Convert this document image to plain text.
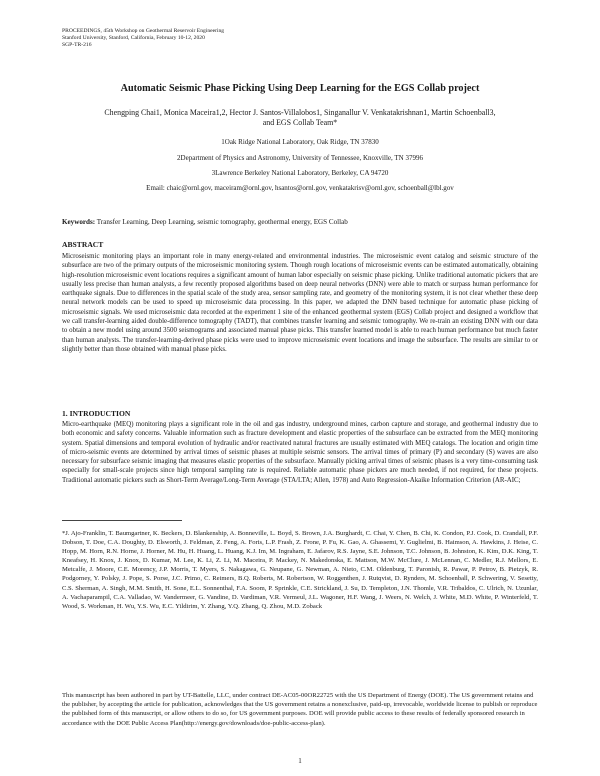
PROCEEDINGS, 45th Workshop on Geothermal Reservoir Engineering
Stanford University, Stanford, California, February 10-12, 2020
SGP-TR-216
Automatic Seismic Phase Picking Using Deep Learning for the EGS Collab project
Chengping Chai1, Monica Maceira1,2, Hector J. Santos-Villalobos1, Singanallur V. Venkatakrishnan1, Martin Schoenball3,
and EGS Collab Team*
1Oak Ridge National Laboratory, Oak Ridge, TN 37830
2Department of Physics and Astronomy, University of Tennessee, Knoxville, TN 37996
3Lawrence Berkeley National Laboratory, Berkeley, CA 94720
Email: chaic@ornl.gov, maceiram@ornl.gov, hsantos@ornl.gov, venkatakrisv@ornl.gov, schoenball@lbl.gov
Keywords: Transfer Learning, Deep Learning, seismic tomography, geothermal energy, EGS Collab
ABSTRACT
Microseismic monitoring plays an important role in many energy-related and environmental industries. The microseismic event catalog and seismic structure of the subsurface are two of the primary outputs of the microseismic monitoring system. Though rough locations of microseismic events can be estimated automatically, obtaining high-resolution microseismic event locations requires a significant amount of human labor especially on seismic phase picking. Unlike traditional automatic pickers that are usually less precise than human analysts, a few recently proposed algorithms based on deep neural networks (DNN) were able to match or surpass human performance for earthquake signals. Due to differences in the spatial scale of the study area, sensor sampling rate, and geometry of the monitoring system, it is not clear whether these deep neural network models can be used to speed up microseismic data processing. In this paper, we adapted the DNN based technique for automatic phase picking of microseismic signals. We used microseismic data recorded at the experiment 1 site of the enhanced geothermal system (EGS) Collab project and designed a workflow that we call transfer-learning aided double-difference tomography (TADT), that combines transfer learning and seismic tomography. We re-train an existing DNN with our data to obtain a new model using around 3500 seismograms and associated manual phase picks. This transfer learned model is able to reach human performance but much faster than human analysts. The transfer-learning-derived phase picks were used to improve microseismic event locations and image the subsurface. The results are similar to or slightly better than those obtained with manual phase picks.
1. INTRODUCTION
Micro-earthquake (MEQ) monitoring plays a significant role in the oil and gas industry, underground mines, carbon capture and storage, and geothermal industry due to both economic and safety concerns. Valuable information such as fracture development and elastic properties of the subsurface can be extracted from the MEQ monitoring system. Spatial dimensions and temporal evolution of hydraulic and/or reactivated natural fractures are usually estimated with MEQ catalogs. The location and origin time of micro-seismic events are determined by arrival times of seismic phases at multiple seismic sensors. The arrival times of primary (P) and secondary (S) waves are also necessary for subsurface seismic imaging that measures elastic properties of the subsurface. Manually picking arrival times of seismic phases is a very time-consuming task especially for small-scale projects since high temporal sampling rate is required. Reliable automatic phase pickers are much needed, if not required, for these projects. Traditional automatic pickers such as Short-Term Average/Long-Term Average (STA/LTA; Allen, 1978) and Auto Regression-Akaike Information Criterion (AR-AIC;
*J. Ajo-Franklin, T. Baumgartner, K. Beckers, D. Blankenship, A. Bonneville, L. Boyd, S. Brown, J.A. Burghardt, C. Chai, Y. Chen, B. Chi, K. Condon, P.J. Cook, D. Crandall, P.F. Dobson, T. Doe, C.A. Doughty, D. Elsworth, J. Feldman, Z. Feng, A. Foris, L.P. Frash, Z. Frone, P. Fu, K. Gao, A. Ghassemi, Y. Guglielmi, B. Haimson, A. Hawkins, J. Heise, C. Hopp, M. Horn, R.N. Horne, J. Horner, M. Hu, H. Huang, L. Huang, K.J. Im, M. Ingraham, E. Jafarov, R.S. Jayne, S.E. Johnson, T.C. Johnson, B. Johnston, K. Kim, D.K. King, T. Kneafsey, H. Knox, J. Knox, D. Kumar, M. Lee, K. Li, Z. Li, M. Maceira, P. Mackey, N. Makedonska, E. Mattson, M.W. McClure, J. McLennan, C. Medler, R.J. Mellors, E. Metcalfe, J. Moore, C.E. Morency, J.P. Morris, T. Myers, S. Nakagawa, G. Neupane, G. Newman, A. Nieto, C.M. Oldenburg, T. Paronish, R. Pawar, P. Petrov, B. Pietzyk, R. Podgorney, Y. Polsky, J. Pope, S. Porse, J.C. Primo, C. Reimers, B.Q. Roberts, M. Robertson, W. Roggenthen, J. Rutqvist, D. Rynders, M. Schoenball, P. Schwering, V. Sesetty, C.S. Sherman, A. Singh, M.M. Smith, H. Sone, E.L. Sonnenthal, F.A. Soom, P. Sprinkle, C.E. Strickland, J. Su, D. Templeton, J.N. Thomle, V.R. Tribaldos, C. Ulrich, N. Uzunlar, A. Vachaparampil, C.A. Valladao, W. Vandermeer, G. Vandine, D. Vardiman, V.R. Vermeul, J.L. Wagoner, H.F. Wang, J. Weers, N. Welch, J. White, M.D. White, P. Winterfeld, T. Wood, S. Workman, H. Wu, Y.S. Wu, E.C. Yildirim, Y. Zhang, Y.Q. Zhang, Q. Zhou, M.D. Zoback
This manuscript has been authored in part by UT-Battelle, LLC, under contract DE-AC05-00OR22725 with the US Department of Energy (DOE). The US government retains and the publisher, by accepting the article for publication, acknowledges that the US government retains a nonexclusive, paid-up, irrevocable, worldwide license to publish or reproduce the published form of this manuscript, or allow others to do so, for US government purposes. DOE will provide public access to these results of federally sponsored research in accordance with the DOE Public Access Plan(http://energy.gov/downloads/doe-public-access-plan).
1
